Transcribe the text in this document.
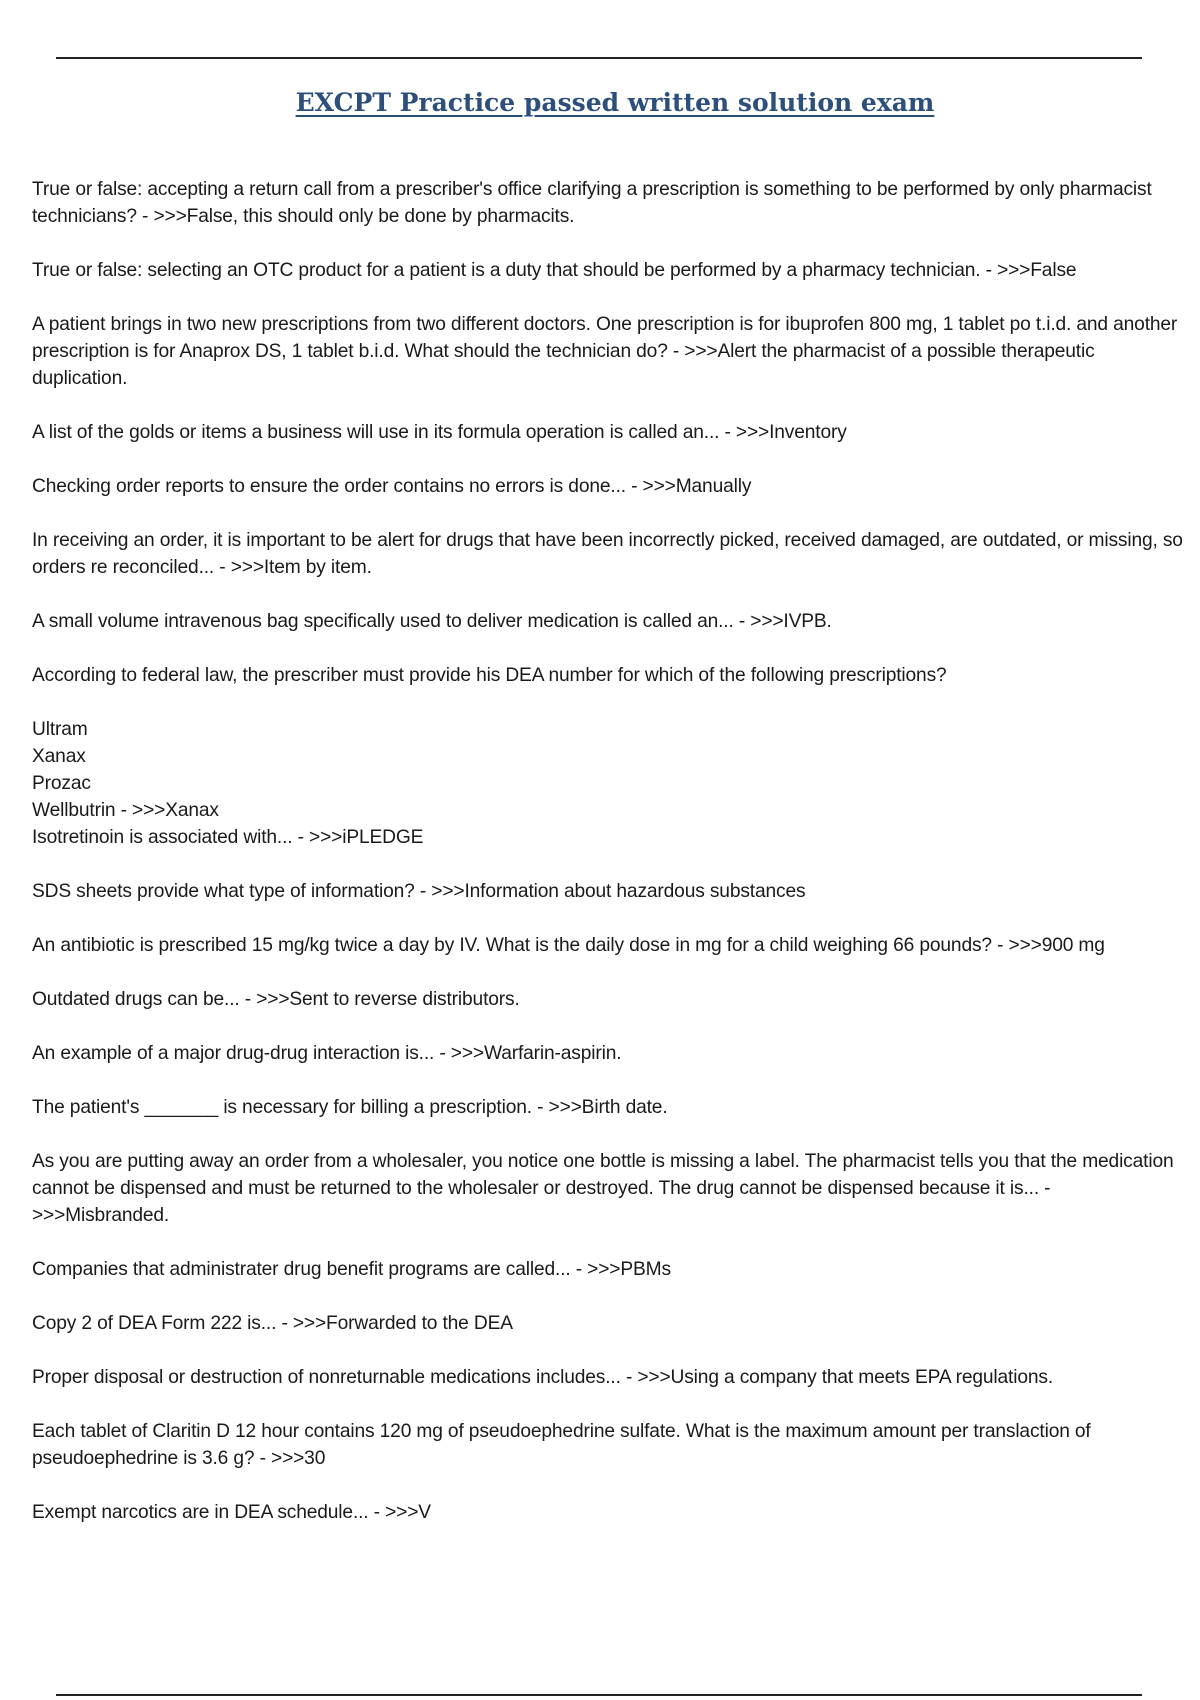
EXCPT Practice passed written solution exam

True or false: accepting a return call from a prescriber's office clarifying a prescription is something to be performed by only pharmacist technicians? - >>>False, this should only be done by pharmacits.

True or false: selecting an OTC product for a patient is a duty that should be performed by a pharmacy technician. - >>>False

A patient brings in two new prescriptions from two different doctors. One prescription is for ibuprofen 800 mg, 1 tablet po t.i.d. and another prescription is for Anaprox DS, 1 tablet b.i.d. What should the technician do? - >>>Alert the pharmacist of a possible therapeutic duplication.

A list of the golds or items a business will use in its formula operation is called an... - >>>Inventory

Checking order reports to ensure the order contains no errors is done... - >>>Manually

In receiving an order, it is important to be alert for drugs that have been incorrectly picked, received damaged, are outdated, or missing, so orders re reconciled... - >>>Item by item.

A small volume intravenous bag specifically used to deliver medication is called an... - >>>IVPB.

According to federal law, the prescriber must provide his DEA number for which of the following prescriptions?

Ultram
Xanax
Prozac
Wellbutrin - >>>Xanax

Isotretinoin is associated with... - >>>iPLEDGE

SDS sheets provide what type of information? - >>>Information about hazardous substances

An antibiotic is prescribed 15 mg/kg twice a day by IV. What is the daily dose in mg for a child weighing 66 pounds? - >>>900 mg

Outdated drugs can be... - >>>Sent to reverse distributors.

An example of a major drug-drug interaction is... - >>>Warfarin-aspirin.

The patient's _______ is necessary for billing a prescription. - >>>Birth date.

As you are putting away an order from a wholesaler, you notice one bottle is missing a label. The pharmacist tells you that the medication cannot be dispensed and must be returned to the wholesaler or destroyed. The drug cannot be dispensed because it is... - >>>Misbranded.

Companies that administrater drug benefit programs are called... - >>>PBMs

Copy 2 of DEA Form 222 is... - >>>Forwarded to the DEA

Proper disposal or destruction of nonreturnable medications includes... - >>>Using a company that meets EPA regulations.

Each tablet of Claritin D 12 hour contains 120 mg of pseudoephedrine sulfate. What is the maximum amount per translaction of pseudoephedrine is 3.6 g? - >>>30

Exempt narcotics are in DEA schedule... - >>>V
